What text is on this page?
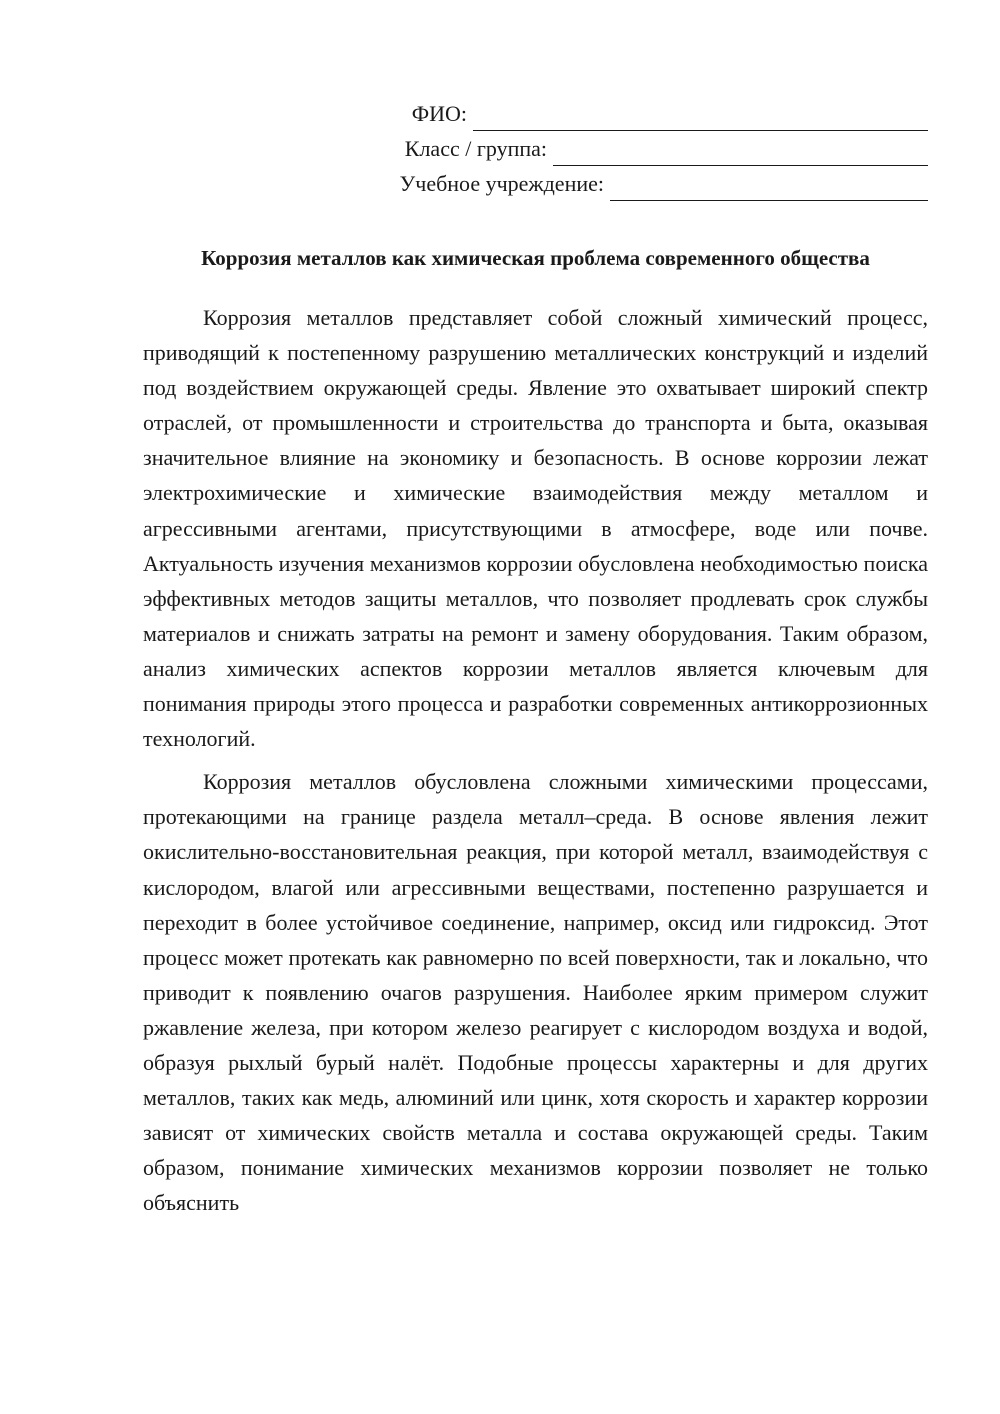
ФИО:
Класс / группа:
Учебное учреждение:
Коррозия металлов как химическая проблема современного общества

Коррозия металлов представляет собой сложный химический процесс, приводящий к постепенному разрушению металлических конструкций и изделий под воздействием окружающей среды. Явление это охватывает широкий спектр отраслей, от промышленности и строительства до транспорта и быта, оказывая значительное влияние на экономику и безопасность. В основе коррозии лежат электрохимические и химические взаимодействия между металлом и агрессивными агентами, присутствующими в атмосфере, воде или почве. Актуальность изучения механизмов коррозии обусловлена необходимостью поиска эффективных методов защиты металлов, что позволяет продлевать срок службы материалов и снижать затраты на ремонт и замену оборудования. Таким образом, анализ химических аспектов коррозии металлов является ключевым для понимания природы этого процесса и разработки современных антикоррозионных технологий.

Коррозия металлов обусловлена сложными химическими процессами, протекающими на границе раздела металл–среда. В основе явления лежит окислительно-восстановительная реакция, при которой металл, взаимодействуя с кислородом, влагой или агрессивными веществами, постепенно разрушается и переходит в более устойчивое соединение, например, оксид или гидроксид. Этот процесс может протекать как равномерно по всей поверхности, так и локально, что приводит к появлению очагов разрушения. Наиболее ярким примером служит ржавление железа, при котором железо реагирует с кислородом воздуха и водой, образуя рыхлый бурый налёт. Подобные процессы характерны и для других металлов, таких как медь, алюминий или цинк, хотя скорость и характер коррозии зависят от химических свойств металла и состава окружающей среды. Таким образом, понимание химических механизмов коррозии позволяет не только объяснить
